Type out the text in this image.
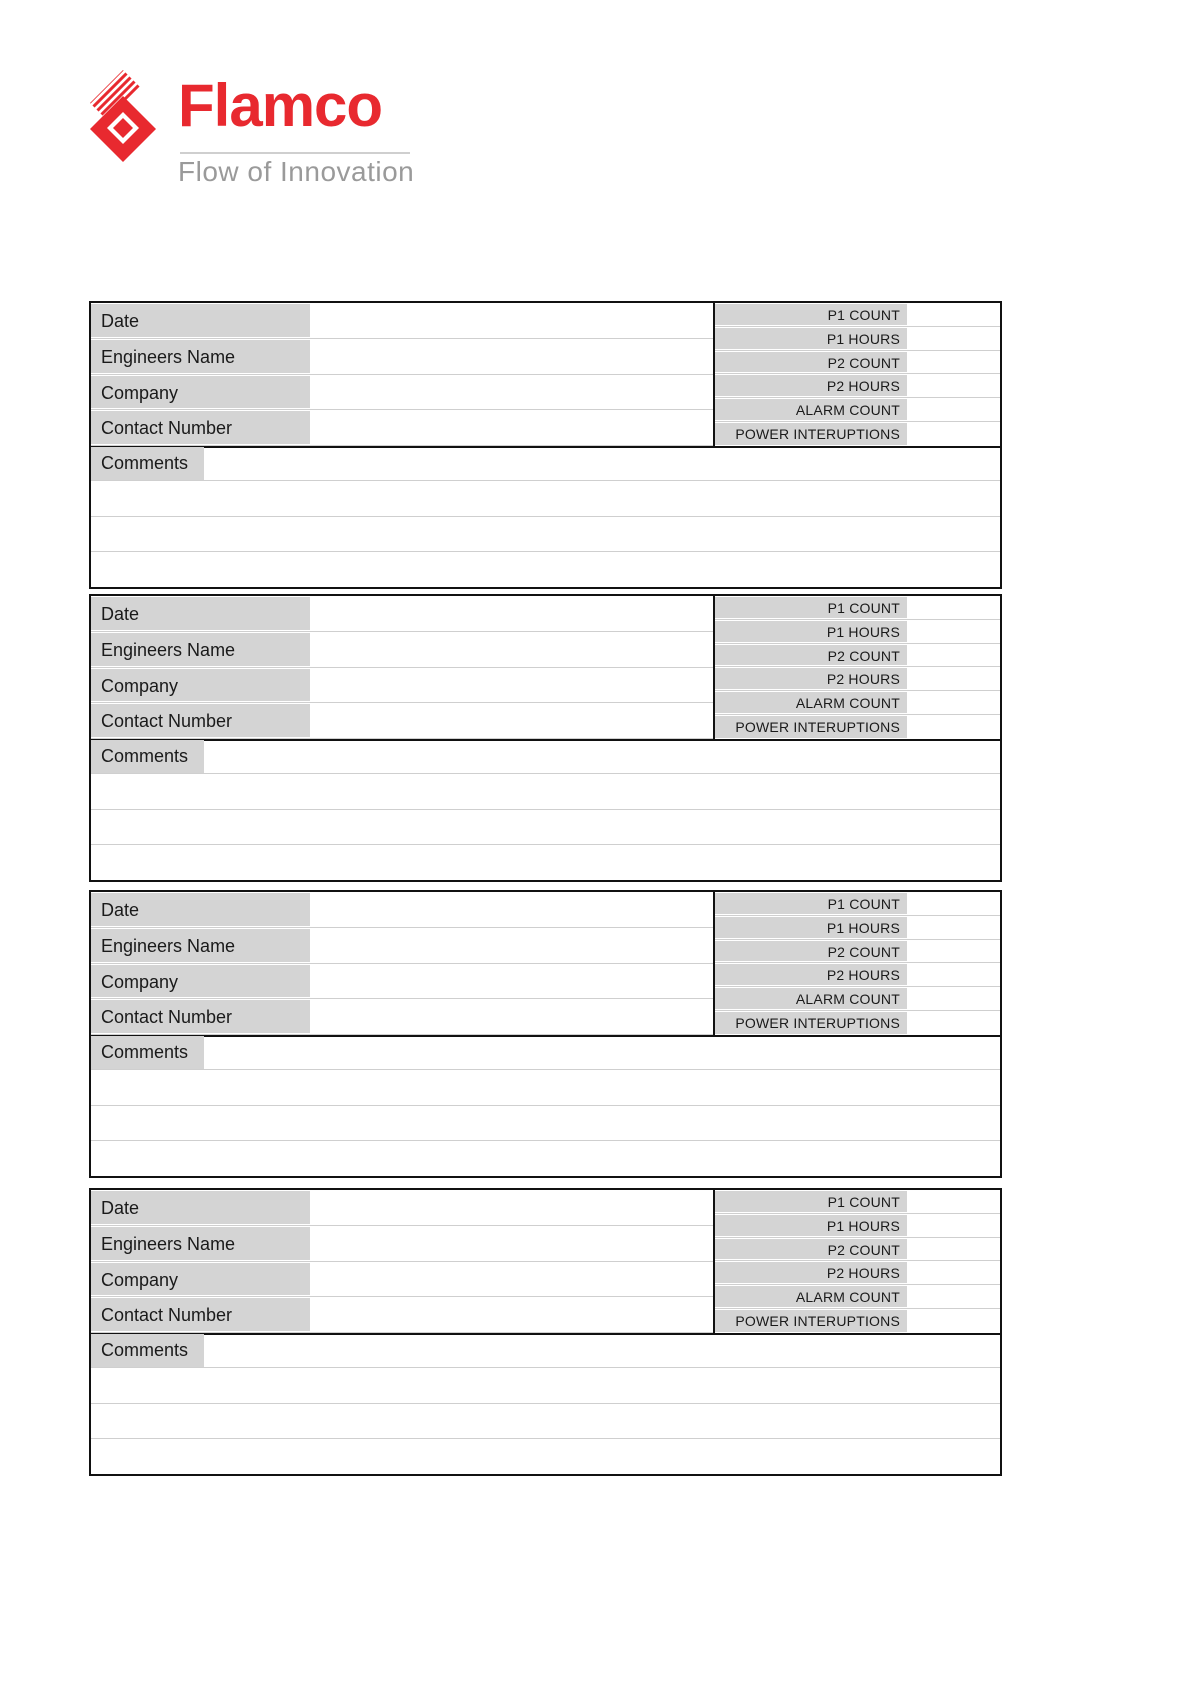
Flamco
Flow of Innovation
Date
Engineers Name
Company
Contact Number
P1 COUNT
P1 HOURS
P2 COUNT
P2 HOURS
ALARM COUNT
POWER INTERUPTIONS
Comments
Date
Engineers Name
Company
Contact Number
P1 COUNT
P1 HOURS
P2 COUNT
P2 HOURS
ALARM COUNT
POWER INTERUPTIONS
Comments
Date
Engineers Name
Company
Contact Number
P1 COUNT
P1 HOURS
P2 COUNT
P2 HOURS
ALARM COUNT
POWER INTERUPTIONS
Comments
Date
Engineers Name
Company
Contact Number
P1 COUNT
P1 HOURS
P2 COUNT
P2 HOURS
ALARM COUNT
POWER INTERUPTIONS
Comments
